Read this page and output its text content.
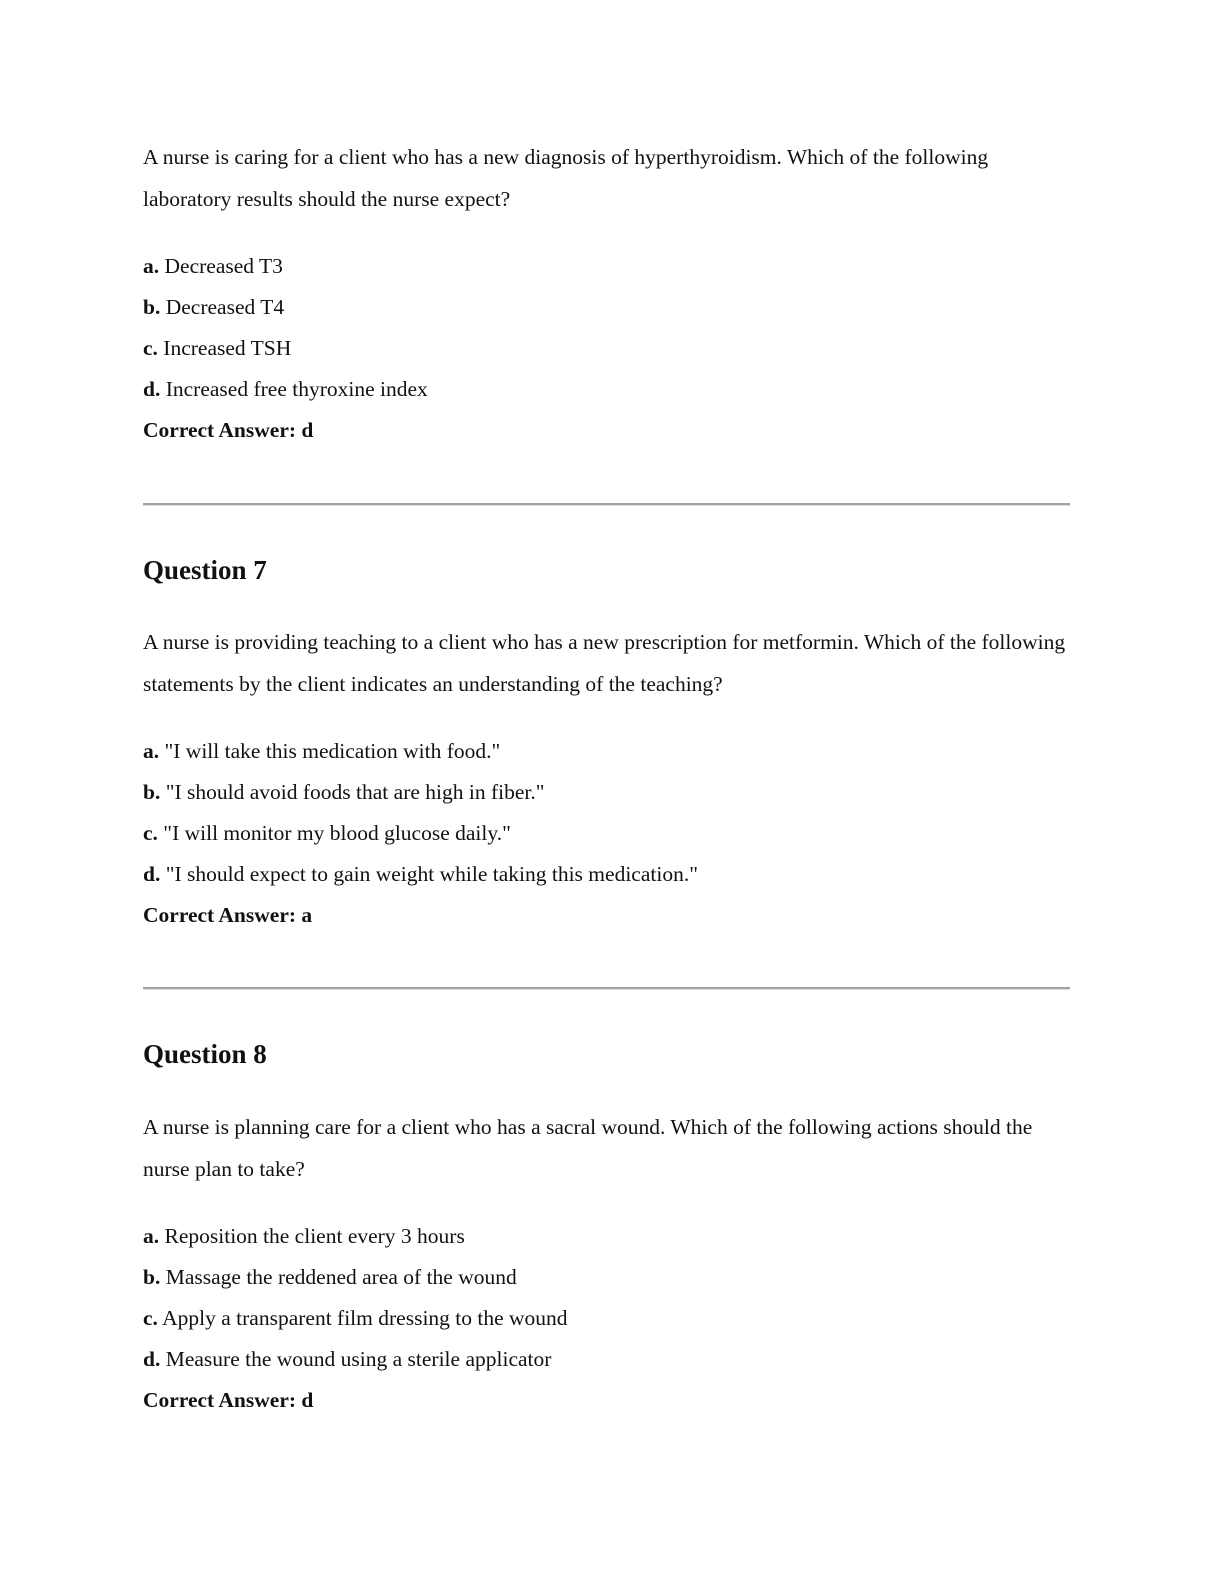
A nurse is caring for a client who has a new diagnosis of hyperthyroidism. Which of the following laboratory results should the nurse expect?

a. Decreased T3
b. Decreased T4
c. Increased TSH
d. Increased free thyroxine index
Correct Answer: d
Question 7

A nurse is providing teaching to a client who has a new prescription for metformin. Which of the following statements by the client indicates an understanding of the teaching?

a. "I will take this medication with food."
b. "I should avoid foods that are high in fiber."
c. "I will monitor my blood glucose daily."
d. "I should expect to gain weight while taking this medication."
Correct Answer: a
Question 8

A nurse is planning care for a client who has a sacral wound. Which of the following actions should the nurse plan to take?

a. Reposition the client every 3 hours
b. Massage the reddened area of the wound
c. Apply a transparent film dressing to the wound
d. Measure the wound using a sterile applicator
Correct Answer: d
